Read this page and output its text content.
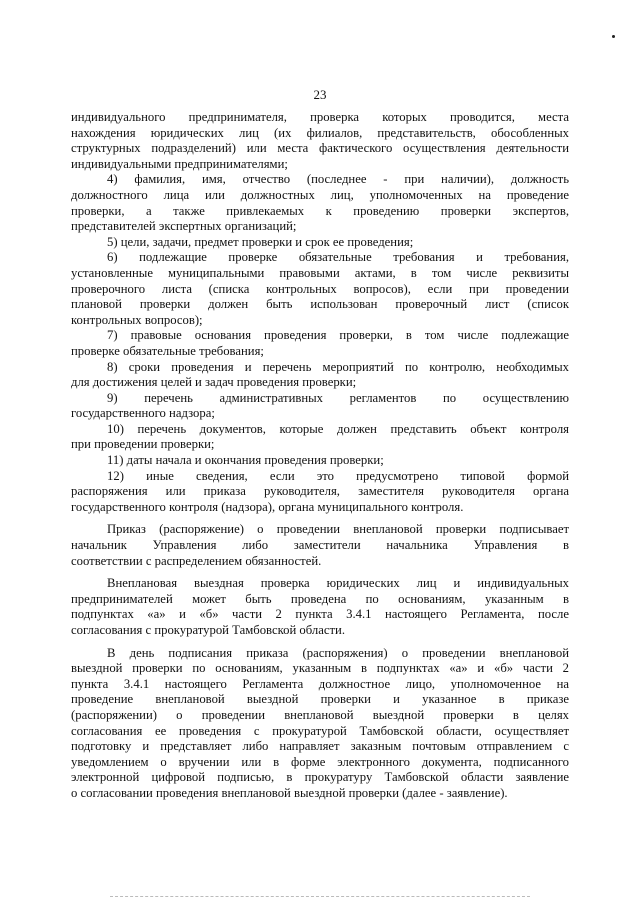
23
индивидуального предпринимателя, проверка которых проводится, места
нахождения юридических лиц (их филиалов, представительств, обособленных
структурных подразделений) или места фактического осуществления деятельности
индивидуальными предпринимателями;
4) фамилия, имя, отчество (последнее - при наличии), должность
должностного лица или должностных лиц, уполномоченных на проведение
проверки, а также привлекаемых к проведению проверки экспертов,
представителей экспертных организаций;
5) цели, задачи, предмет проверки и срок ее проведения;
6) подлежащие проверке обязательные требования и требования,
установленные муниципальными правовыми актами, в том числе реквизиты
проверочного листа (списка контрольных вопросов), если при проведении
плановой проверки должен быть использован проверочный лист (список
контрольных вопросов);
7) правовые основания проведения проверки, в том числе подлежащие
проверке обязательные требования;
8) сроки проведения и перечень мероприятий по контролю, необходимых
для достижения целей и задач проведения проверки;
9) перечень административных регламентов по осуществлению
государственного надзора;
10) перечень документов, которые должен представить объект контроля
при проведении проверки;
11) даты начала и окончания проведения проверки;
12) иные сведения, если это предусмотрено типовой формой
распоряжения или приказа руководителя, заместителя руководителя органа
государственного контроля (надзора), органа муниципального контроля.
Приказ (распоряжение) о проведении внеплановой проверки подписывает
начальник Управления либо заместители начальника Управления в
соответствии с распределением обязанностей.
Внеплановая выездная проверка юридических лиц и индивидуальных
предпринимателей может быть проведена по основаниям, указанным в
подпунктах «а» и «б» части 2 пункта 3.4.1 настоящего Регламента, после
согласования с прокуратурой Тамбовской области.
В день подписания приказа (распоряжения) о проведении внеплановой
выездной проверки по основаниям, указанным в подпунктах «а» и «б» части 2
пункта 3.4.1 настоящего Регламента должностное лицо, уполномоченное на
проведение внеплановой выездной проверки и указанное в приказе
(распоряжении) о проведении внеплановой выездной проверки в целях
согласования ее проведения с прокуратурой Тамбовской области, осуществляет
подготовку и представляет либо направляет заказным почтовым отправлением с
уведомлением о вручении или в форме электронного документа, подписанного
электронной цифровой подписью, в прокуратуру Тамбовской области заявление
о согласовании проведения внеплановой выездной проверки (далее - заявление).
